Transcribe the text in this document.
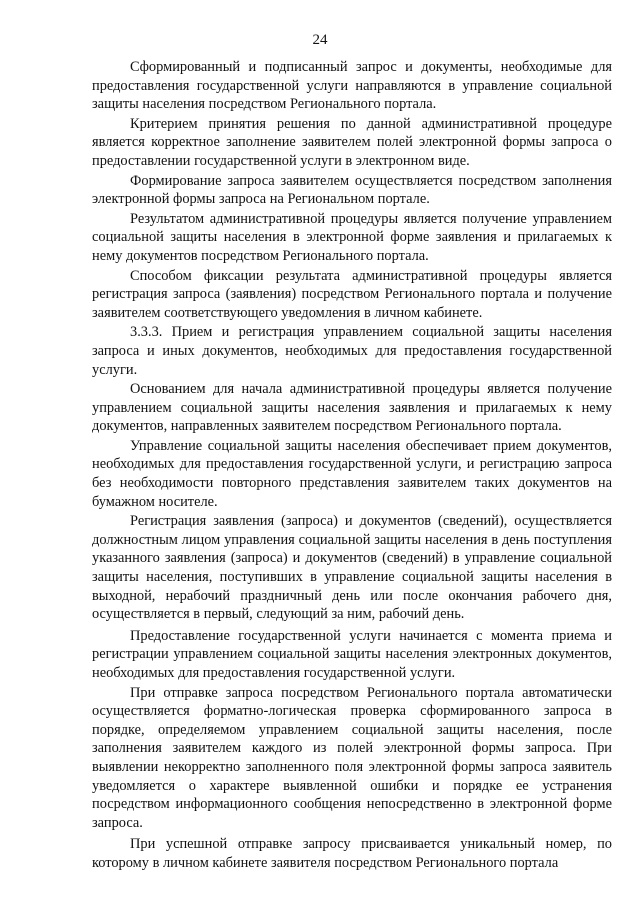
24

Сформированный и подписанный запрос и документы, необходимые для предоставления государственной услуги направляются в управление социальной защиты населения посредством Регионального портала.

Критерием принятия решения по данной административной процедуре является корректное заполнение заявителем полей электронной формы запроса о предоставлении государственной услуги в электронном виде.

Формирование запроса заявителем осуществляется посредством заполнения электронной формы запроса на Региональном портале.

Результатом административной процедуры является получение управлением социальной защиты населения в электронной форме заявления и прилагаемых к нему документов посредством Регионального портала.

Способом фиксации результата административной процедуры является регистрация запроса (заявления) посредством Регионального портала и получение заявителем соответствующего уведомления в личном кабинете.

3.3.3. Прием и регистрация управлением социальной защиты населения запроса и иных документов, необходимых для предоставления государственной услуги.

Основанием для начала административной процедуры является получение управлением социальной защиты населения заявления и прилагаемых к нему документов, направленных заявителем посредством Регионального портала.

Управление социальной защиты населения обеспечивает прием документов, необходимых для предоставления государственной услуги, и регистрацию запроса без необходимости повторного представления заявителем таких документов на бумажном носителе.

Регистрация заявления (запроса) и документов (сведений), осуществляется должностным лицом управления социальной защиты населения в день поступления указанного заявления (запроса) и документов (сведений) в управление социальной защиты населения, поступивших в управление социальной защиты населения в выходной, нерабочий праздничный день или после окончания рабочего дня, осуществляется в первый, следующий за ним, рабочий день.

Предоставление государственной услуги начинается с момента приема и регистрации управлением социальной защиты населения электронных документов, необходимых для предоставления государственной услуги.

При отправке запроса посредством Регионального портала автоматически осуществляется форматно-логическая проверка сформированного запроса в порядке, определяемом управлением социальной защиты населения, после заполнения заявителем каждого из полей электронной формы запроса. При выявлении некорректно заполненного поля электронной формы запроса заявитель уведомляется о характере выявленной ошибки и порядке ее устранения посредством информационного сообщения непосредственно в электронной форме запроса.

При успешной отправке запросу присваивается уникальный номер, по которому в личном кабинете заявителя посредством Регионального портала
